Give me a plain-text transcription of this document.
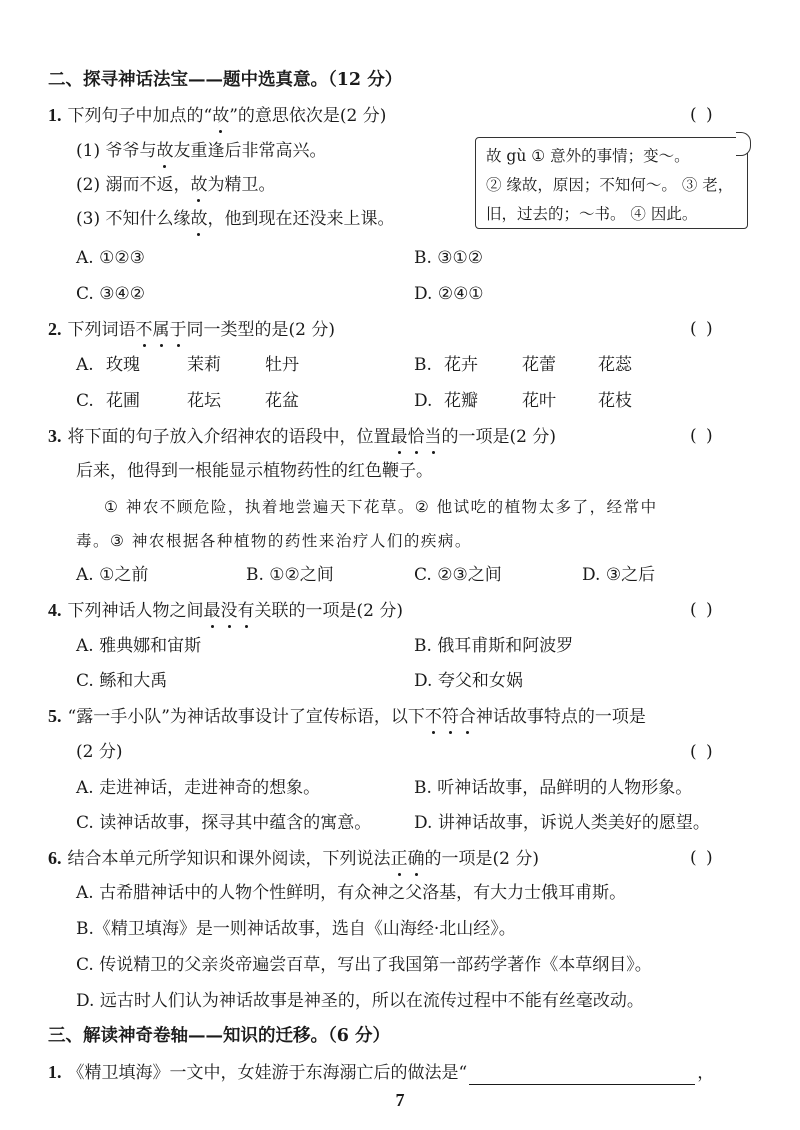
二、探寻神话法宝——题中选真意。（12 分）
1. 下列句子中加点的“故”的意思依次是(2 分)	( )
(1) 爷爷与故友重逢后非常高兴。
(2) 溺而不返，故为精卫。
(3) 不知什么缘故，他到现在还没来上课。
故 gù ① 意外的事情；变～。
② 缘故，原因；不知何～。 ③ 老，
旧，过去的；～书。 ④ 因此。
A. ①②③	B. ③①②
C. ③④②	D. ②④①
2. 下列词语不属于同一类型的是(2 分)	( )
A. 玫瑰	茉莉	牡丹	B. 花卉	花蕾 花蕊
C. 花圃	花坛	花盆	D. 花瓣	花叶 花枝
3. 将下面的句子放入介绍神农的语段中，位置最恰当的一项是(2 分)	( )
后来，他得到一根能显示植物药性的红色鞭子。
① 神农不顾危险，执着地尝遍天下花草。② 他试吃的植物太多了，经常中
毒。③ 神农根据各种植物的药性来治疗人们的疾病。
A. ①之前	B. ①②之间	C. ②③之间	D. ③之后
4. 下列神话人物之间最没有关联的一项是(2 分)	( )
A. 雅典娜和宙斯	B. 俄耳甫斯和阿波罗
C. 鲧和大禹	D. 夸父和女娲
5. “露一手小队”为神话故事设计了宣传标语，以下不符合神话故事特点的一项是
(2 分)	( )
A. 走进神话，走进神奇的想象。	B. 听神话故事，品鲜明的人物形象。
C. 读神话故事，探寻其中蕴含的寓意。	D. 讲神话故事，诉说人类美好的愿望。
6. 结合本单元所学知识和课外阅读，下列说法正确的一项是(2 分)	( )
A. 古希腊神话中的人物个性鲜明，有众神之父洛基，有大力士俄耳甫斯。
B.《精卫填海》是一则神话故事，选自《山海经·北山经》。
C. 传说精卫的父亲炎帝遍尝百草，写出了我国第一部药学著作《本草纲目》。
D. 远古时人们认为神话故事是神圣的，所以在流传过程中不能有丝毫改动。
三、解读神奇卷轴——知识的迁移。（6 分）
1. 《精卫填海》一文中，女娃游于东海溺亡后的做法是“	，
7
